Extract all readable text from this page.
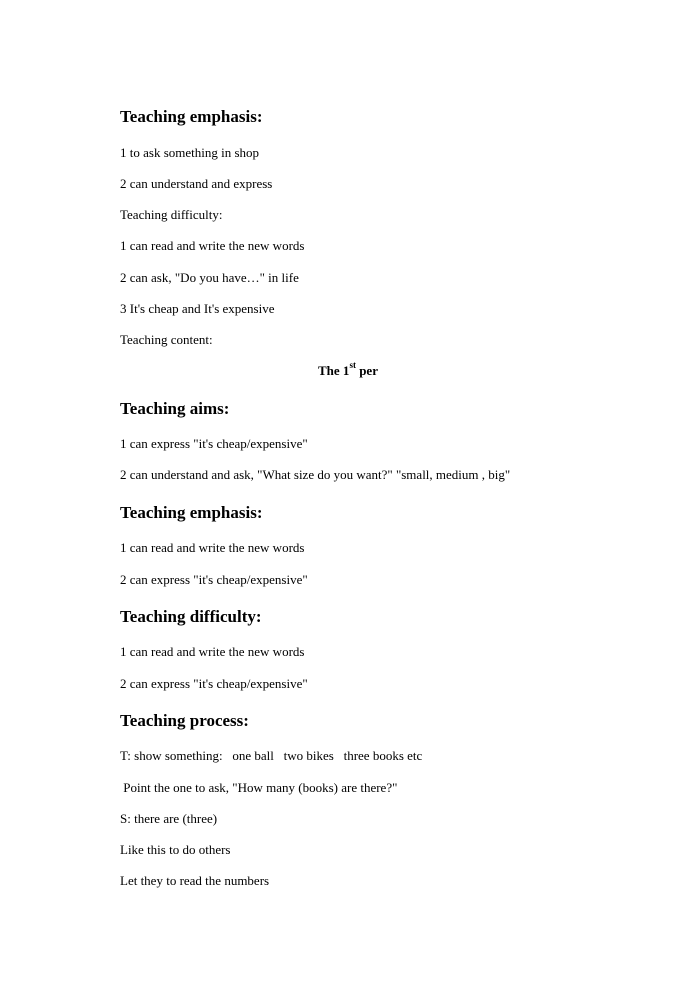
Teaching emphasis:
1 to ask something in shop
2 can understand and express
Teaching difficulty:
1 can read and write the new words
2 can ask, "Do you have…" in life
3 It's cheap and It's expensive
Teaching content:
The 1st per
Teaching aims:
1 can express "it's cheap/expensive"
2 can understand and ask, "What size do you want?" "small, medium , big"
Teaching emphasis:
1 can read and write the new words
2 can express "it's cheap/expensive"
Teaching difficulty:
1 can read and write the new words
2 can express "it's cheap/expensive"
Teaching process:
T: show something:   one ball   two bikes   three books etc
Point the one to ask, "How many (books) are there?"
S: there are (three)
Like this to do others
Let they to read the numbers
